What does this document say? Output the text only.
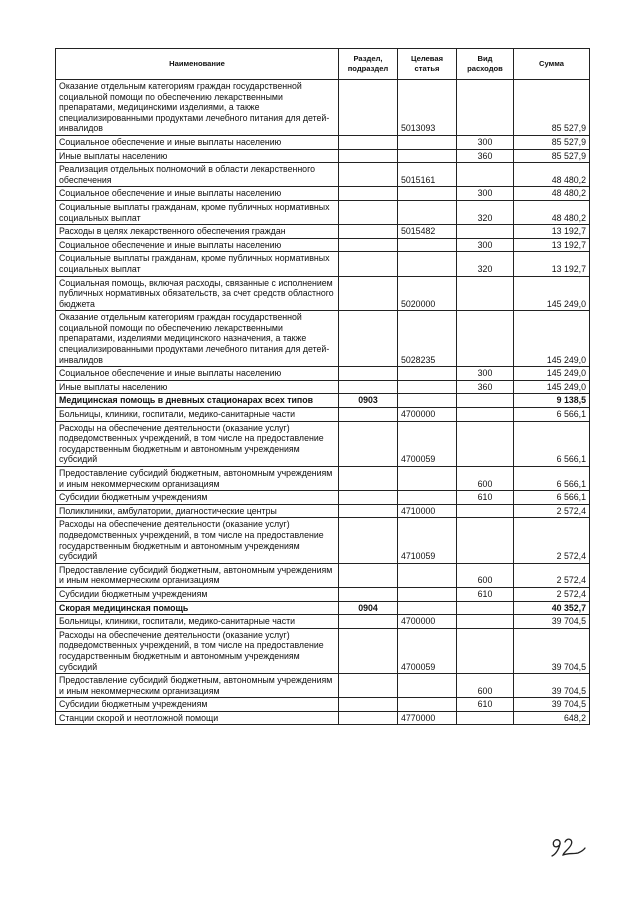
Наименование	Раздел, подраздел	Целевая статья	Вид расходов	Сумма
Оказание отдельным категориям граждан государственной социальной помощи по обеспечению лекарственными препаратами, медицинскими изделиями, а также специализированными продуктами лечебного питания для детей-инвалидов		5013093		85 527,9
Социальное обеспечение и иные выплаты населению			300	85 527,9
Иные выплаты населению			360	85 527,9
Реализация отдельных полномочий в области лекарственного обеспечения		5015161		48 480,2
Социальное обеспечение и иные выплаты населению			300	48 480,2
Социальные выплаты гражданам, кроме публичных нормативных социальных выплат			320	48 480,2
Расходы в целях лекарственного обеспечения граждан		5015482		13 192,7
Социальное обеспечение и иные выплаты населению			300	13 192,7
Социальные выплаты гражданам, кроме публичных нормативных социальных выплат			320	13 192,7
Социальная помощь, включая расходы, связанные с исполнением публичных нормативных обязательств, за счет средств областного бюджета		5020000		145 249,0
Оказание отдельным категориям граждан государственной социальной помощи по обеспечению лекарственными препаратами, изделиями медицинского назначения, а также специализированными продуктами лечебного питания для детей-инвалидов		5028235		145 249,0
Социальное обеспечение и иные выплаты населению			300	145 249,0
Иные выплаты населению			360	145 249,0
Медицинская помощь в дневных стационарах всех типов	0903			9 138,5
Больницы, клиники, госпитали, медико-санитарные части		4700000		6 566,1
Расходы на обеспечение деятельности (оказание услуг) подведомственных учреждений, в том числе на предоставление государственным бюджетным и автономным учреждениям субсидий		4700059		6 566,1
Предоставление субсидий бюджетным, автономным учреждениям и иным некоммерческим организациям			600	6 566,1
Субсидии бюджетным учреждениям			610	6 566,1
Поликлиники, амбулатории, диагностические центры		4710000		2 572,4
Расходы на обеспечение деятельности (оказание услуг) подведомственных учреждений, в том числе на предоставление государственным бюджетным и автономным учреждениям субсидий		4710059		2 572,4
Предоставление субсидий бюджетным, автономным учреждениям и иным некоммерческим организациям			600	2 572,4
Субсидии бюджетным учреждениям			610	2 572,4
Скорая медицинская помощь	0904			40 352,7
Больницы, клиники, госпитали, медико-санитарные части		4700000		39 704,5
Расходы на обеспечение деятельности (оказание услуг) подведомственных учреждений, в том числе на предоставление государственным бюджетным и автономным учреждениям субсидий		4700059		39 704,5
Предоставление субсидий бюджетным, автономным учреждениям и иным некоммерческим организациям			600	39 704,5
Субсидии бюджетным учреждениям			610	39 704,5
Станции скорой и неотложной помощи		4770000		648,2
